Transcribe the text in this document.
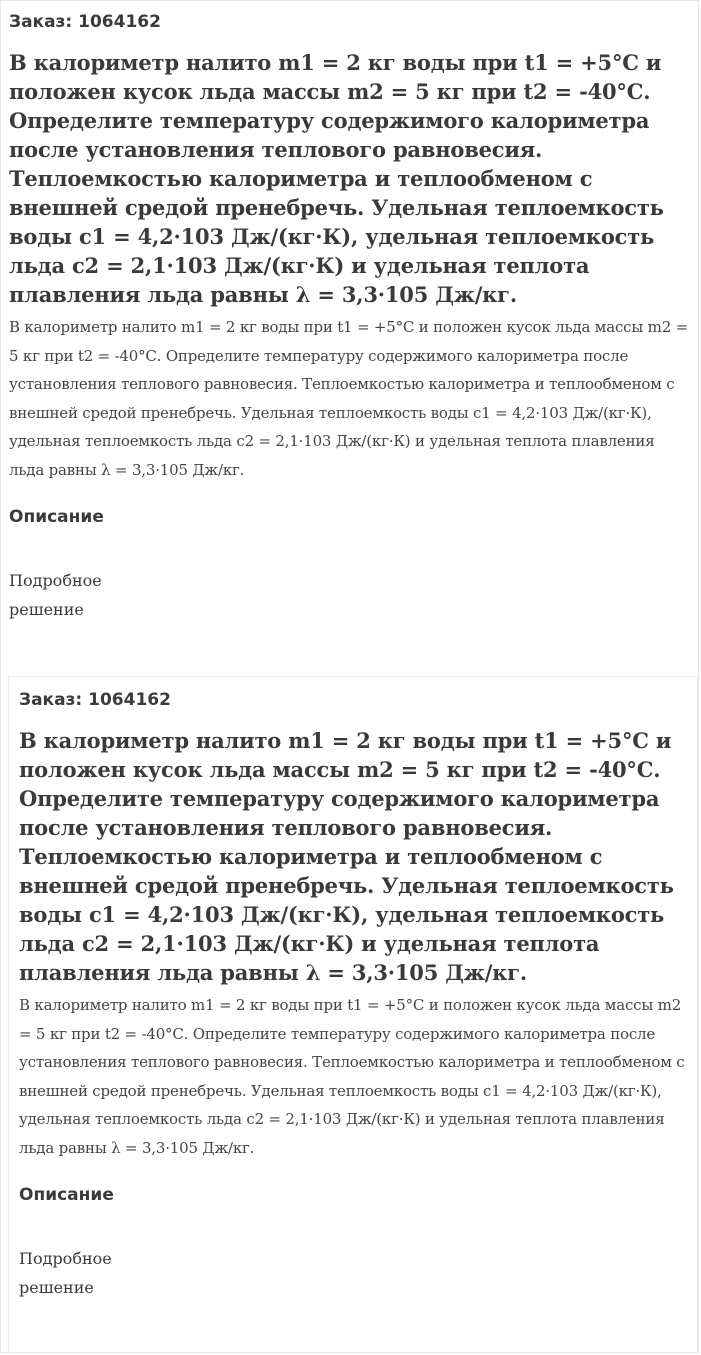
Заказ: 1064162

В калориметр налито m1 = 2 кг воды при t1 = +5°С и положен кусок льда массы m2 = 5 кг при t2 = -40°С. Определите температуру содержимого калориметра после установления теплового равновесия. Теплоемкостью калориметра и теплообменом с внешней средой пренебречь. Удельная теплоемкость воды c1 = 4,2·103 Дж/(кг·К), удельная теплоемкость льда c2 = 2,1·103 Дж/(кг·К) и удельная теплота плавления льда равны λ = 3,3·105 Дж/кг.

В калориметр налито m1 = 2 кг воды при t1 = +5°С и положен кусок льда массы m2 = 5 кг при t2 = -40°С. Определите температуру содержимого калориметра после установления теплового равновесия. Теплоемкостью калориметра и теплообменом с внешней средой пренебречь. Удельная теплоемкость воды c1 = 4,2·103 Дж/(кг·К), удельная теплоемкость льда c2 = 2,1·103 Дж/(кг·К) и удельная теплота плавления льда равны λ = 3,3·105 Дж/кг.

Описание
Подробное решение

Заказ: 1064162

В калориметр налито m1 = 2 кг воды при t1 = +5°С и положен кусок льда массы m2 = 5 кг при t2 = -40°С. Определите температуру содержимого калориметра после установления теплового равновесия. Теплоемкостью калориметра и теплообменом с внешней средой пренебречь. Удельная теплоемкость воды c1 = 4,2·103 Дж/(кг·К), удельная теплоемкость льда c2 = 2,1·103 Дж/(кг·К) и удельная теплота плавления льда равны λ = 3,3·105 Дж/кг.

В калориметр налито m1 = 2 кг воды при t1 = +5°С и положен кусок льда массы m2 = 5 кг при t2 = -40°С. Определите температуру содержимого калориметра после установления теплового равновесия. Теплоемкостью калориметра и теплообменом с внешней средой пренебречь. Удельная теплоемкость воды c1 = 4,2·103 Дж/(кг·К), удельная теплоемкость льда c2 = 2,1·103 Дж/(кг·К) и удельная теплота плавления льда равны λ = 3,3·105 Дж/кг.

Описание
Подробное решение
